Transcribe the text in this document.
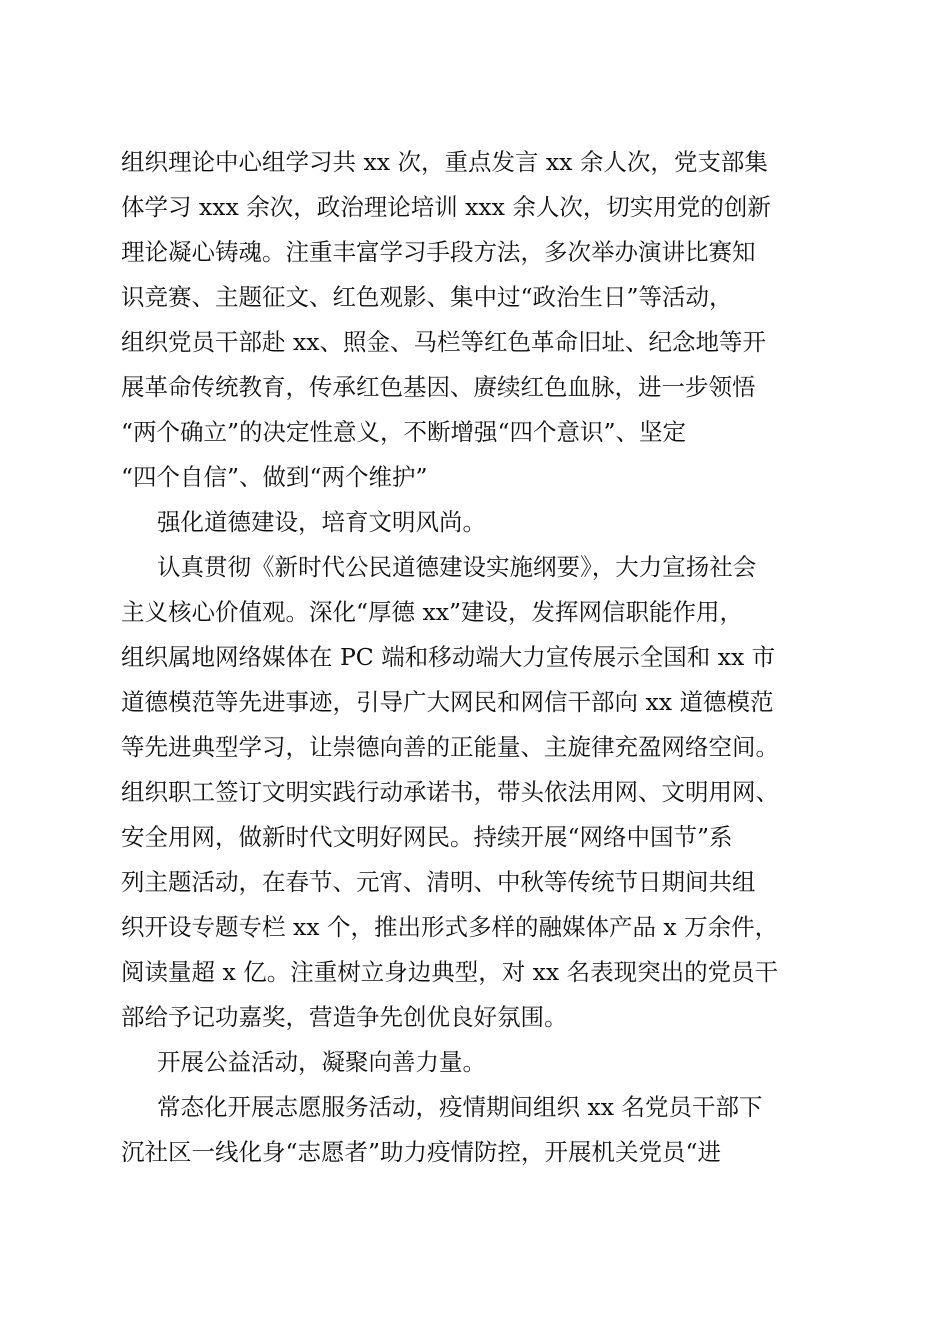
组织理论中心组学习共 xx 次，重点发言 xx 余人次，党支部集
体学习 xxx 余次，政治理论培训 xxx 余人次，切实用党的创新
理论凝心铸魂。注重丰富学习手段方法，多次举办演讲比赛知
识竞赛、主题征文、红色观影、集中过“政治生日”等活动，
组织党员干部赴 xx、照金、马栏等红色革命旧址、纪念地等开
展革命传统教育，传承红色基因、赓续红色血脉，进一步领悟
“两个确立”的决定性意义，不断增强“四个意识”、坚定
“四个自信”、做到“两个维护”
强化道德建设，培育文明风尚。
认真贯彻《新时代公民道德建设实施纲要》，大力宣扬社会
主义核心价值观。深化“厚德 xx”建设，发挥网信职能作用，
组织属地网络媒体在 PC 端和移动端大力宣传展示全国和 xx 市
道德模范等先进事迹，引导广大网民和网信干部向 xx 道德模范
等先进典型学习，让崇德向善的正能量、主旋律充盈网络空间。
组织职工签订文明实践行动承诺书，带头依法用网、文明用网、
安全用网，做新时代文明好网民。持续开展“网络中国节”系
列主题活动，在春节、元宵、清明、中秋等传统节日期间共组
织开设专题专栏 xx 个，推出形式多样的融媒体产品 x 万余件，
阅读量超 x 亿。注重树立身边典型，对 xx 名表现突出的党员干
部给予记功嘉奖，营造争先创优良好氛围。
开展公益活动，凝聚向善力量。
常态化开展志愿服务活动，疫情期间组织 xx 名党员干部下
沉社区一线化身“志愿者”助力疫情防控，开展机关党员“进
